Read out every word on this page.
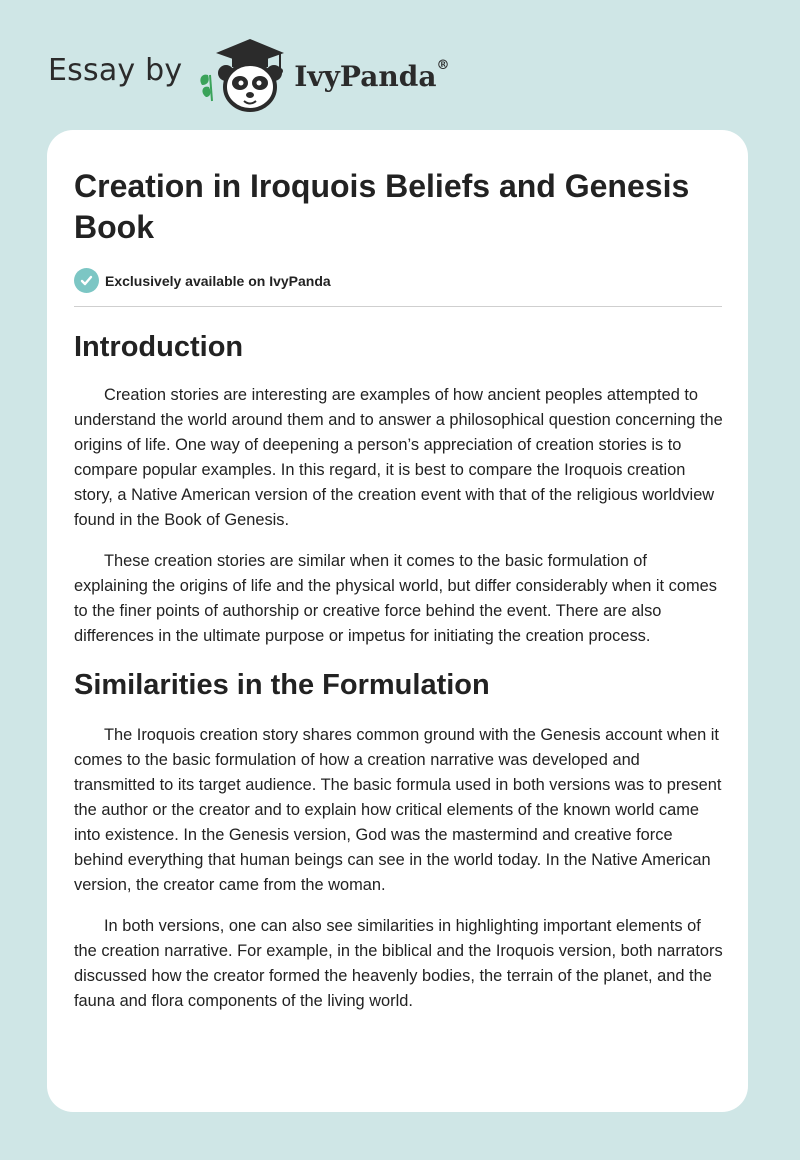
Essay by	IvyPanda®
Creation in Iroquois Beliefs and Genesis Book
Exclusively available on IvyPanda
Introduction

Creation stories are interesting are examples of how ancient peoples attempted to understand the world around them and to answer a philosophical question concerning the origins of life. One way of deepening a person’s appreciation of creation stories is to compare popular examples. In this regard, it is best to compare the Iroquois creation story, a Native American version of the creation event with that of the religious worldview found in the Book of Genesis.

These creation stories are similar when it comes to the basic formulation of explaining the origins of life and the physical world, but differ considerably when it comes to the finer points of authorship or creative force behind the event. There are also differences in the ultimate purpose or impetus for initiating the creation process.

Similarities in the Formulation

The Iroquois creation story shares common ground with the Genesis account when it comes to the basic formulation of how a creation narrative was developed and transmitted to its target audience. The basic formula used in both versions was to present the author or the creator and to explain how critical elements of the known world came into existence. In the Genesis version, God was the mastermind and creative force behind everything that human beings can see in the world today. In the Native American version, the creator came from the woman.

In both versions, one can also see similarities in highlighting important elements of the creation narrative. For example, in the biblical and the Iroquois version, both narrators discussed how the creator formed the heavenly bodies, the terrain of the planet, and the fauna and flora components of the living world.
